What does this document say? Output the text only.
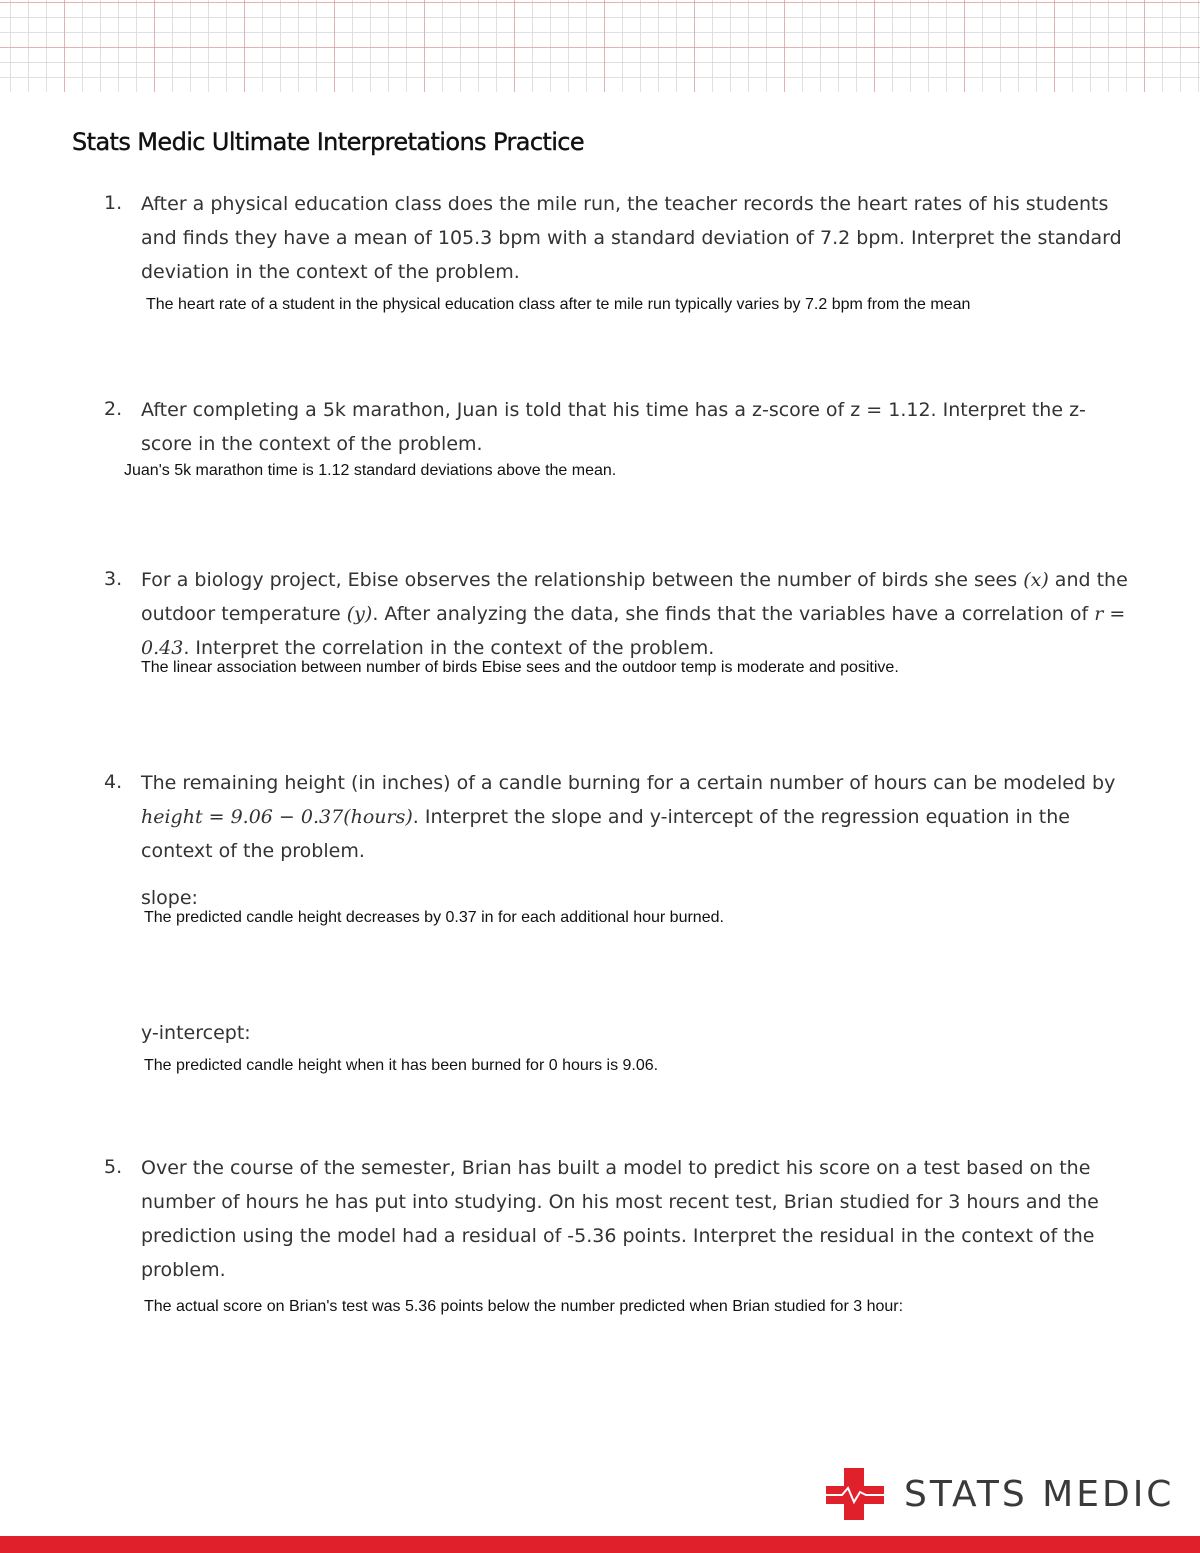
Stats Medic Ultimate Interpretations Practice
1. After a physical education class does the mile run, the teacher records the heart rates of his students and finds they have a mean of 105.3 bpm with a standard deviation of 7.2 bpm. Interpret the standard deviation in the context of the problem.

The heart rate of a student in the physical education class after te mile run typically varies by 7.2 bpm from the mean
2. After completing a 5k marathon, Juan is told that his time has a z-score of z = 1.12. Interpret the z-score in the context of the problem.

Juan's 5k marathon time is 1.12 standard deviations above the mean.
3. For a biology project, Ebise observes the relationship between the number of birds she sees (x) and the outdoor temperature (y). After analyzing the data, she finds that the variables have a correlation of r = 0.43. Interpret the correlation in the context of the problem.

The linear association between number of birds Ebise sees and the outdoor temp is moderate and positive.
4. The remaining height (in inches) of a candle burning for a certain number of hours can be modeled by height = 9.06 − 0.37(hours). Interpret the slope and y-intercept of the regression equation in the context of the problem.

slope:
The predicted candle height decreases by 0.37 in for each additional hour burned.
y-intercept:
The predicted candle height when it has been burned for 0 hours is 9.06.
5. Over the course of the semester, Brian has built a model to predict his score on a test based on the number of hours he has put into studying. On his most recent test, Brian studied for 3 hours and the prediction using the model had a residual of -5.36 points. Interpret the residual in the context of the problem.

The actual score on Brian's test was 5.36 points below the number predicted when Brian studied for 3 hour:
STATS MEDIC
